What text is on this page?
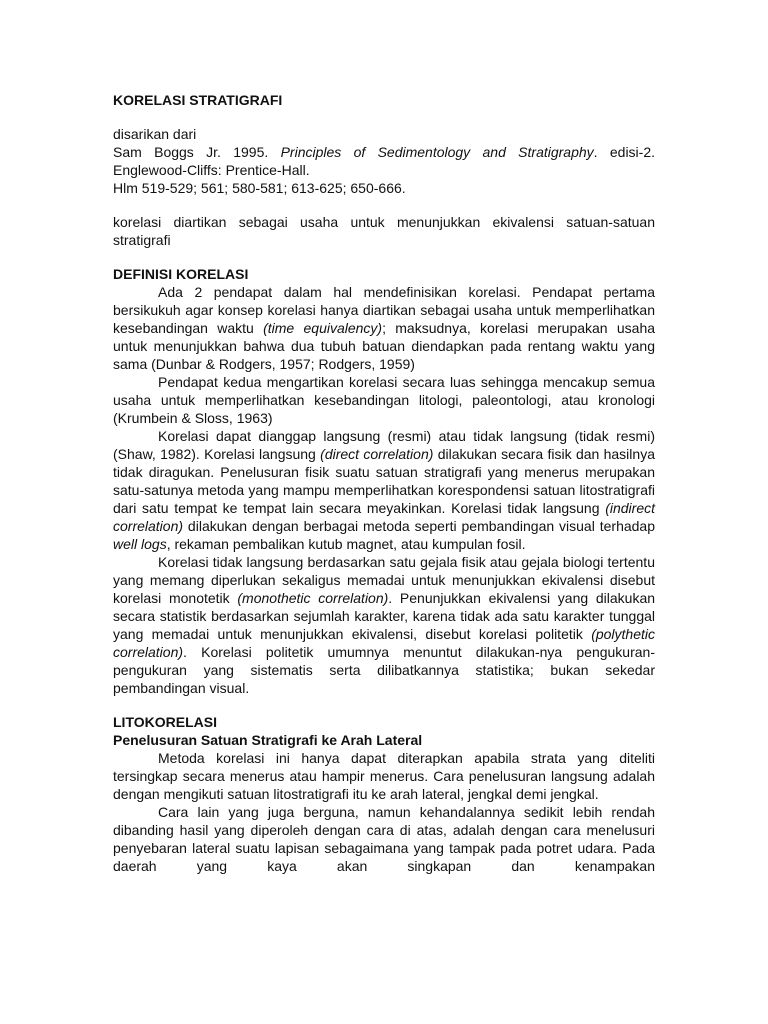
KORELASI STRATIGRAFI

disarikan dari

Sam Boggs Jr. 1995. Principles of Sedimentology and Stratigraphy. edisi-2.

Englewood-Cliffs: Prentice-Hall.

Hlm 519-529; 561; 580-581; 613-625; 650-666.

korelasi diartikan sebagai usaha untuk menunjukkan ekivalensi satuan-satuan stratigrafi

DEFINISI KORELASI

Ada 2 pendapat dalam hal mendefinisikan korelasi. Pendapat pertama bersikukuh agar konsep korelasi hanya diartikan sebagai usaha untuk memperlihatkan kesebandingan waktu (time equivalency); maksudnya, korelasi merupakan usaha untuk menunjukkan bahwa dua tubuh batuan diendapkan pada rentang waktu yang sama (Dunbar & Rodgers, 1957; Rodgers, 1959)

Pendapat kedua mengartikan korelasi secara luas sehingga mencakup semua usaha untuk memperlihatkan kesebandingan litologi, paleontologi, atau kronologi (Krumbein & Sloss, 1963)

Korelasi dapat dianggap langsung (resmi) atau tidak langsung (tidak resmi) (Shaw, 1982). Korelasi langsung (direct correlation) dilakukan secara fisik dan hasilnya tidak diragukan. Penelusuran fisik suatu satuan stratigrafi yang menerus merupakan satu-satunya metoda yang mampu memperlihatkan korespondensi satuan litostratigrafi dari satu tempat ke tempat lain secara meyakinkan. Korelasi tidak langsung (indirect correlation) dilakukan dengan berbagai metoda seperti pembandingan visual terhadap well logs, rekaman pembalikan kutub magnet, atau kumpulan fosil.

Korelasi tidak langsung berdasarkan satu gejala fisik atau gejala biologi tertentu yang memang diperlukan sekaligus memadai untuk menunjukkan ekivalensi disebut korelasi monotetik (monothetic correlation). Penunjukkan ekivalensi yang dilakukan secara statistik berdasarkan sejumlah karakter, karena tidak ada satu karakter tunggal yang memadai untuk menunjukkan ekivalensi, disebut korelasi politetik (polythetic correlation). Korelasi politetik umumnya menuntut dilakukan-nya pengukuran-pengukuran yang sistematis serta dilibatkannya statistika; bukan sekedar pembandingan visual.

LITOKORELASI
Penelusuran Satuan Stratigrafi ke Arah Lateral

Metoda korelasi ini hanya dapat diterapkan apabila strata yang diteliti tersingkap secara menerus atau hampir menerus. Cara penelusuran langsung adalah dengan mengikuti satuan litostratigrafi itu ke arah lateral, jengkal demi jengkal.

Cara lain yang juga berguna, namun kehandalannya sedikit lebih rendah dibanding hasil yang diperoleh dengan cara di atas, adalah dengan cara menelusuri penyebaran lateral suatu lapisan sebagaimana yang tampak pada potret udara. Pada daerah yang kaya akan singkapan dan kenampakan
